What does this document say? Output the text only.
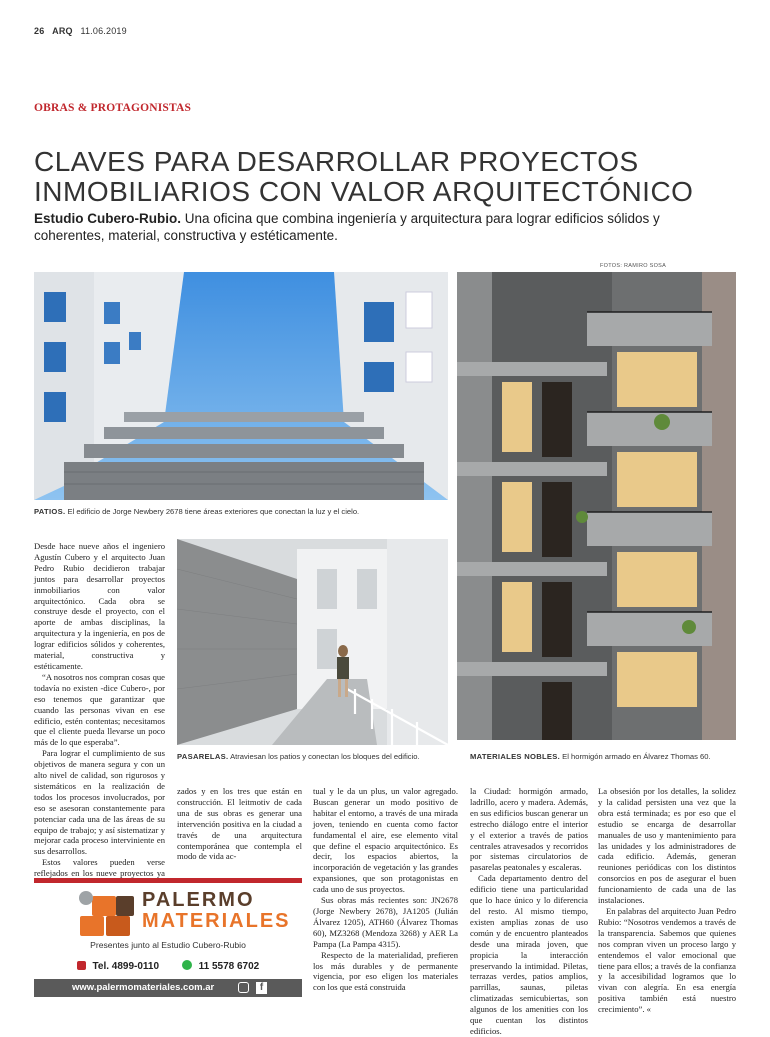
26 ARQ 11.06.2019
OBRAS & PROTAGONISTAS
CLAVES PARA DESARROLLAR PROYECTOS
INMOBILIARIOS CON VALOR ARQUITECTÓNICO
Estudio Cubero-Rubio. Una oficina que combina ingeniería y arquitectura para lograr edificios sólidos y coherentes, material, constructiva y estéticamente.
FOTOS: RAMIRO SOSA
PATIOS. El edificio de Jorge Newbery 2678 tiene áreas exteriores que conectan la luz y el cielo.
PASARELAS. Atraviesan los patios y conectan los bloques del edificio.	MATERIALES NOBLES. El hormigón armado en Álvarez Thomas 60.

Desde hace nueve años el ingeniero Agustín Cubero y el arquitecto Juan Pedro Rubio decidieron trabajar juntos para desarrollar proyectos inmobiliarios con valor arquitectónico. Cada obra se construye desde el proyecto, con el aporte de ambas disciplinas, la arquitectura y la ingeniería, en pos de lograr edificios sólidos y coherentes, material, constructiva y estéticamente.

“A nosotros nos compran cosas que todavía no existen -dice Cubero-, por eso tenemos que garantizar que cuando las personas vivan en ese edificio, estén contentas; necesitamos que el cliente pueda llevarse un poco más de lo que esperaba”.

Para lograr el cumplimiento de sus objetivos de manera segura y con un alto nivel de calidad, son rigurosos y sistemáticos en la realización de todos los procesos involucrados, por eso se asesoran constantemente para potenciar cada una de las áreas de su equipo de trabajo; y así sistematizar y mejorar cada proceso interviniente en sus desarrollos.

Estos valores pueden verse reflejados en los nueve proyectos ya

zados y en los tres que están en construcción. El leitmotiv de cada una de sus obras es generar una intervención positiva en la ciudad a través de una arquitectura contemporánea que contempla el modo de vida ac-

tual y le da un plus, un valor agregado. Buscan generar un modo positivo de habitar el entorno, a través de una mirada joven, teniendo en cuenta como factor fundamental el aire, ese elemento vital que define el espacio arquitectónico. Es decir, los espacios abiertos, la incorporación de vegetación y las grandes expansiones, que son protagonistas en cada uno de sus proyectos.

Sus obras más recientes son: JN2678 (Jorge Newbery 2678), JA1205 (Julián Álvarez 1205), ATH60 (Álvarez Thomas 60), MZ3268 (Mendoza 3268) y AER La Pampa (La Pampa 4315).

Respecto de la materialidad, prefieren los más durables y de permanente vigencia, por eso eligen los materiales con los que está construida

la Ciudad: hormigón armado, ladrillo, acero y madera. Además, en sus edificios buscan generar un estrecho diálogo entre el interior y el exterior a través de patios centrales atravesados y recorridos por sistemas circulatorios de pasarelas peatonales y escaleras.

Cada departamento dentro del edificio tiene una particularidad que lo hace único y lo diferencia del resto. Al mismo tiempo, existen amplias zonas de uso común y de encuentro planteados desde una mirada joven, que propicia la interacción preservando la intimidad. Piletas, terrazas verdes, patios amplios, parrillas, saunas, piletas climatizadas semicubiertas, son algunos de los amenities con los que cuentan los distintos edificios.

La obsesión por los detalles, la solidez y la calidad persisten una vez que la obra está terminada; es por eso que el estudio se encarga de desarrollar manuales de uso y mantenimiento para las unidades y los administradores de cada edificio. Además, generan reuniones periódicas con los distintos consorcios en pos de asegurar el buen funcionamiento de cada una de las instalaciones.

En palabras del arquitecto Juan Pedro Rubio: “Nosotros vendemos a través de la transparencia. Sabemos que quienes nos compran viven un proceso largo y entendemos el valor emocional que tiene para ellos; a través de la confianza y la accesibilidad logramos que lo vivan con alegría. En esa energía positiva también está nuestro crecimiento”. «

PALERMO
MATERIALES
Presentes junto al Estudio Cubero-Rubio
Tel. 4899-0110	11 5578 6702
www.palermomateriales.com.ar	f
